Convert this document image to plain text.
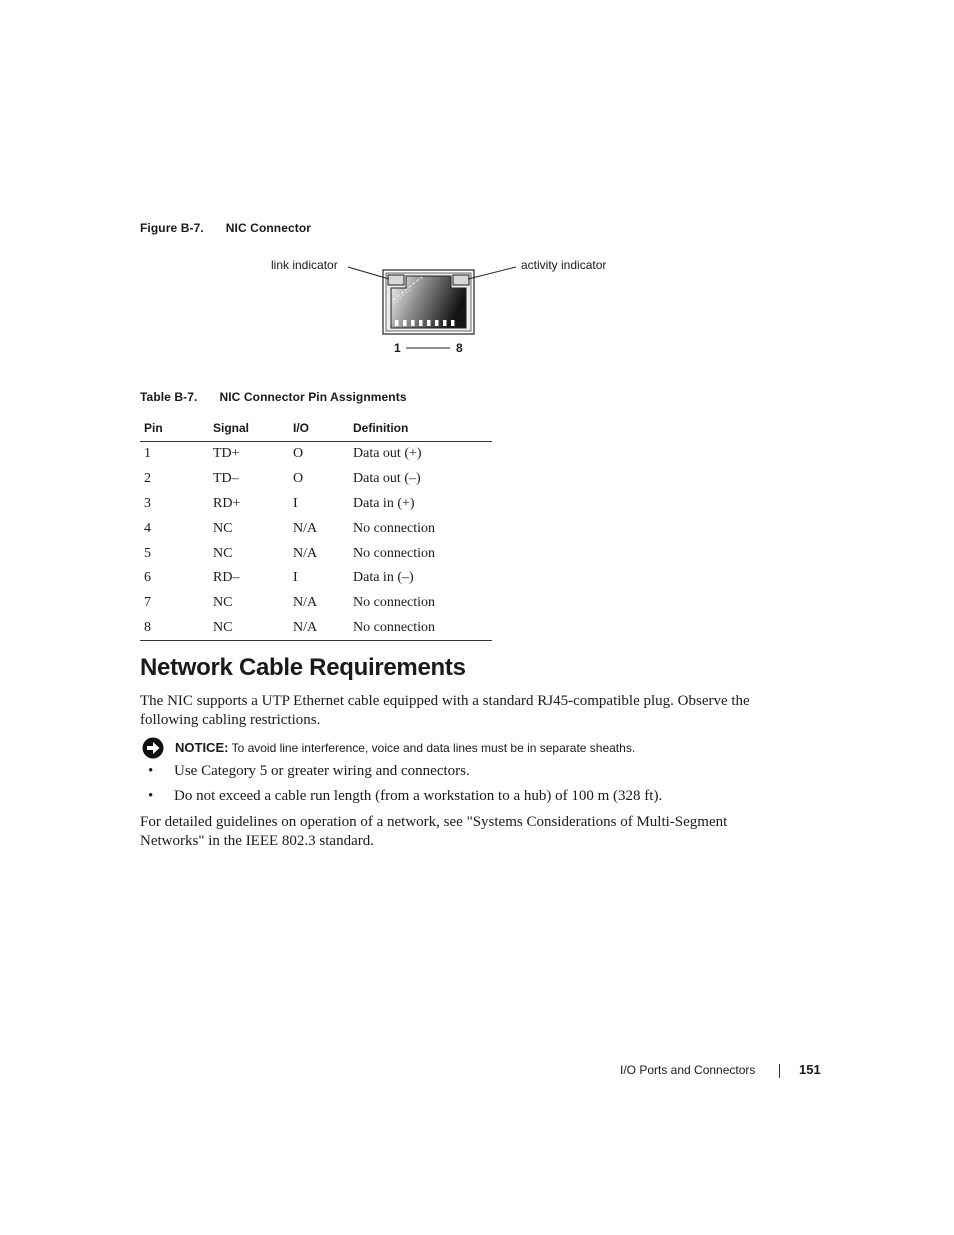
Figure B-7. NIC Connector
link indicator	activity indicator
1	8
Table B-7. NIC Connector Pin Assignments
Pin	Signal	I/O	Definition
1	TD+	O	Data out (+)
2	TD–	O	Data out (–)
3	RD+	I	Data in (+)
4	NC	N/A	No connection
5	NC	N/A	No connection
6	RD–	I	Data in (–)
7	NC	N/A	No connection
8	NC	N/A	No connection
Network Cable Requirements

The NIC supports a UTP Ethernet cable equipped with a standard RJ45-compatible plug. Observe the following cabling restrictions.

NOTICE: To avoid line interference, voice and data lines must be in separate sheaths.
• Use Category 5 or greater wiring and connectors.
• Do not exceed a cable run length (from a workstation to a hub) of 100 m (328 ft).

For detailed guidelines on operation of a network, see "Systems Considerations of Multi-Segment Networks" in the IEEE 802.3 standard.

I/O Ports and Connectors	151
